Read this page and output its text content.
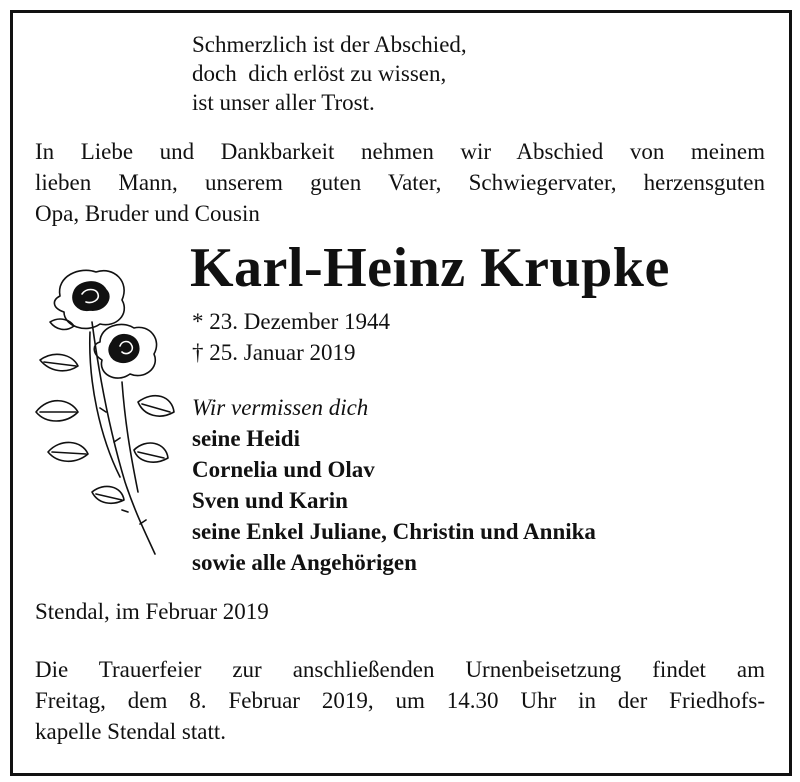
Schmerzlich ist der Abschied,
doch  dich erlöst zu wissen,
ist unser aller Trost.
In Liebe und Dankbarkeit nehmen wir Abschied von meinem
lieben Mann, unserem guten Vater, Schwiegervater, herzensguten
Opa, Bruder und Cousin
Karl-Heinz Krupke
* 23. Dezember 1944
† 25. Januar 2019
Wir vermissen dich
seine Heidi
Cornelia und Olav
Sven und Karin
seine Enkel Juliane, Christin und Annika
sowie alle Angehörigen
Stendal, im Februar 2019
Die Trauerfeier zur anschließenden Urnenbeisetzung findet am
Freitag, dem 8. Februar 2019, um 14.30 Uhr in der Friedhofs-
kapelle Stendal statt.
